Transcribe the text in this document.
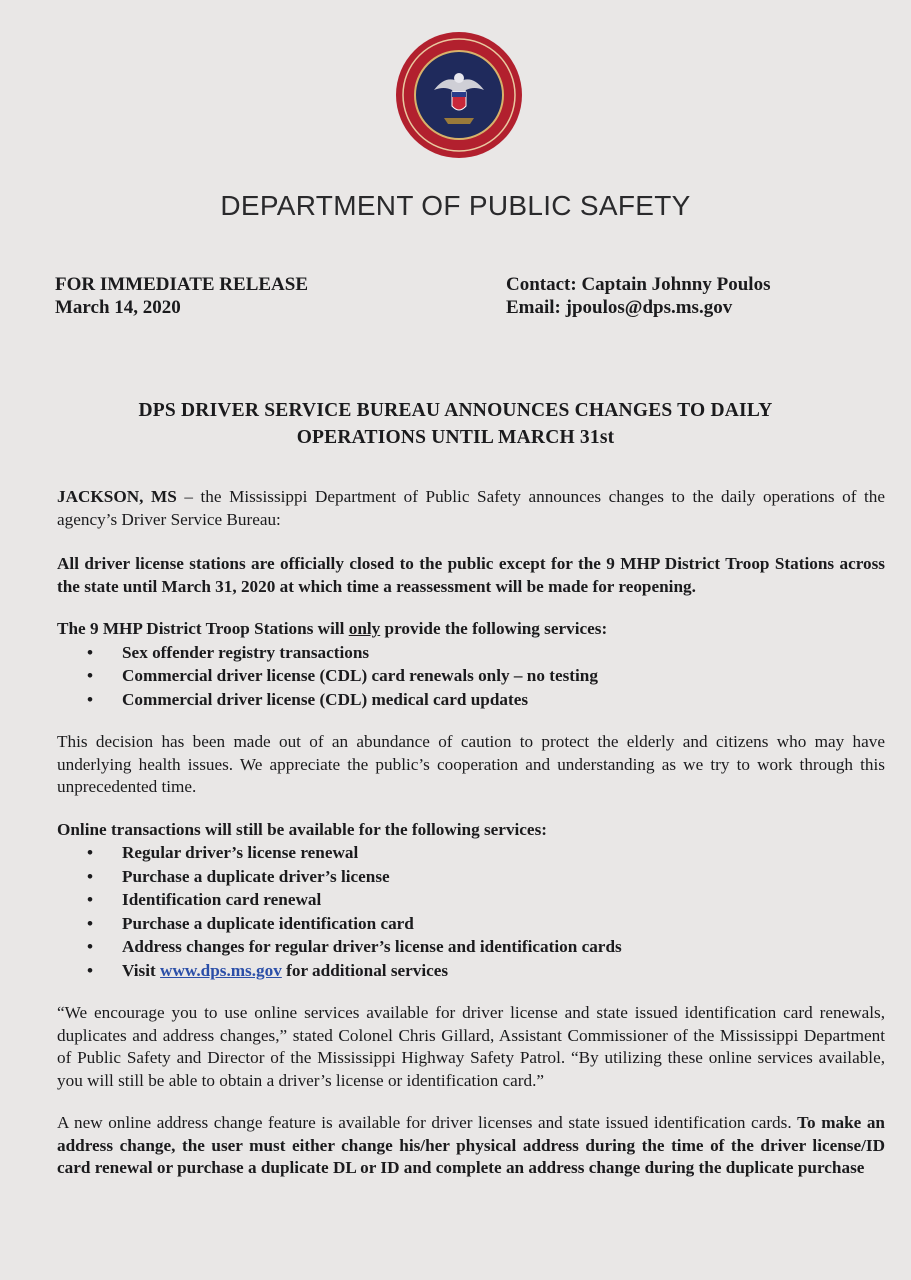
DEPARTMENT OF PUBLIC SAFETY
FOR IMMEDIATE RELEASE
March 14, 2020
Contact: Captain Johnny Poulos
Email: jpoulos@dps.ms.gov
DPS DRIVER SERVICE BUREAU ANNOUNCES CHANGES TO DAILY
OPERATIONS UNTIL MARCH 31st

JACKSON, MS – the Mississippi Department of Public Safety announces changes to the daily operations of the agency’s Driver Service Bureau:

All driver license stations are officially closed to the public except for the 9 MHP District Troop Stations across the state until March 31, 2020 at which time a reassessment will be made for reopening.

The 9 MHP District Troop Stations will only provide the following services:

• Sex offender registry transactions
• Commercial driver license (CDL) card renewals only – no testing
• Commercial driver license (CDL) medical card updates

This decision has been made out of an abundance of caution to protect the elderly and citizens who may have underlying health issues. We appreciate the public’s cooperation and understanding as we try to work through this unprecedented time.

Online transactions will still be available for the following services:

• Regular driver’s license renewal
• Purchase a duplicate driver’s license
• Identification card renewal
• Purchase a duplicate identification card
• Address changes for regular driver’s license and identification cards
• Visit www.dps.ms.gov for additional services

“We encourage you to use online services available for driver license and state issued identification card renewals, duplicates and address changes,” stated Colonel Chris Gillard, Assistant Commissioner of the Mississippi Department of Public Safety and Director of the Mississippi Highway Safety Patrol. “By utilizing these online services available, you will still be able to obtain a driver’s license or identification card.”

A new online address change feature is available for driver licenses and state issued identification cards. To make an address change, the user must either change his/her physical address during the time of the driver license/ID card renewal or purchase a duplicate DL or ID and complete an address change during the duplicate purchase
